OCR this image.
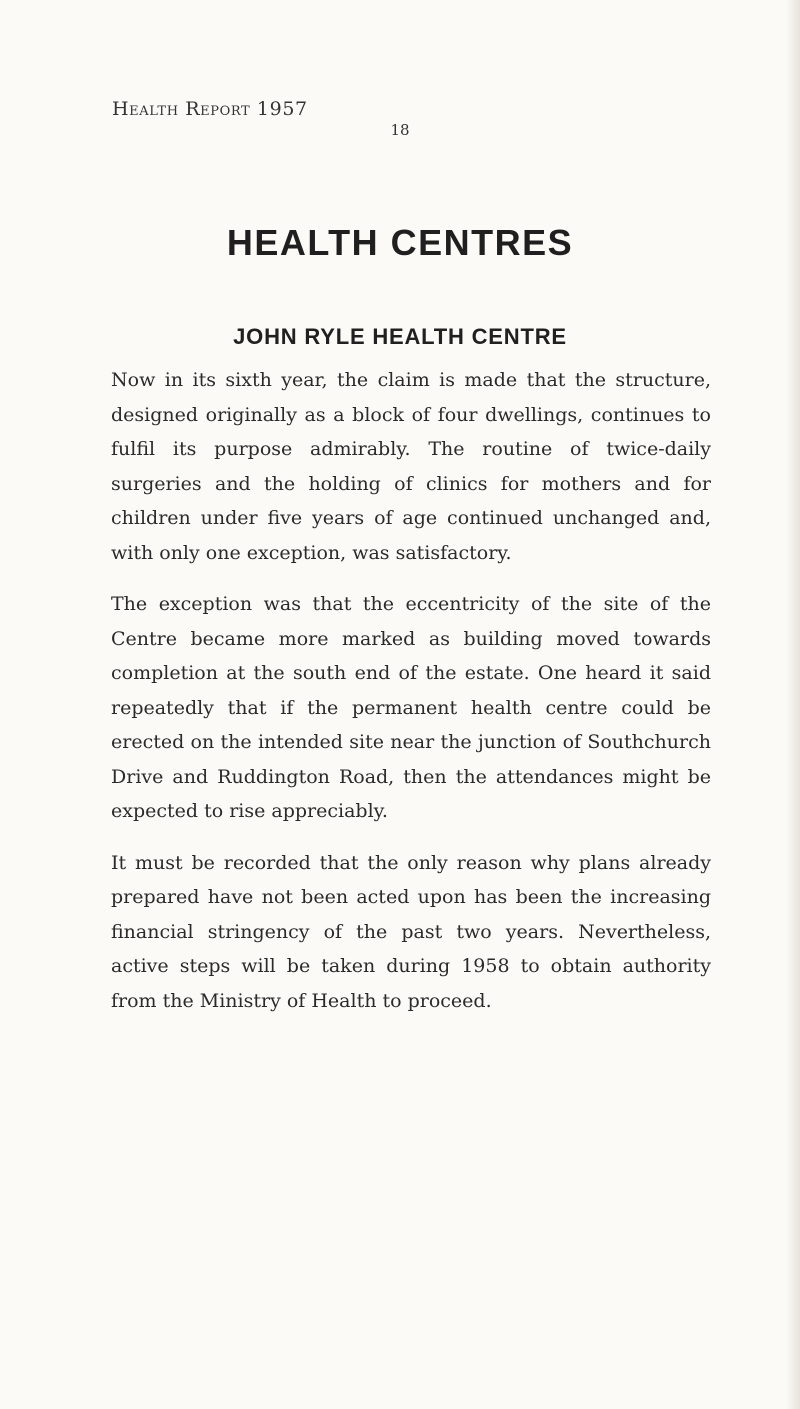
Health Report 1957
18
HEALTH CENTRES
JOHN RYLE HEALTH CENTRE

Now in its sixth year, the claim is made that the structure, designed originally as a block of four dwellings, continues to fulfil its purpose admirably. The routine of twice-daily surgeries and the holding of clinics for mothers and for children under five years of age continued unchanged and, with only one exception, was satisfactory.

The exception was that the eccentricity of the site of the Centre became more marked as building moved towards completion at the south end of the estate. One heard it said repeatedly that if the permanent health centre could be erected on the intended site near the junction of Southchurch Drive and Ruddington Road, then the attendances might be expected to rise appreciably.

It must be recorded that the only reason why plans already prepared have not been acted upon has been the increasing financial stringency of the past two years. Nevertheless, active steps will be taken during 1958 to obtain authority from the Ministry of Health to proceed.
